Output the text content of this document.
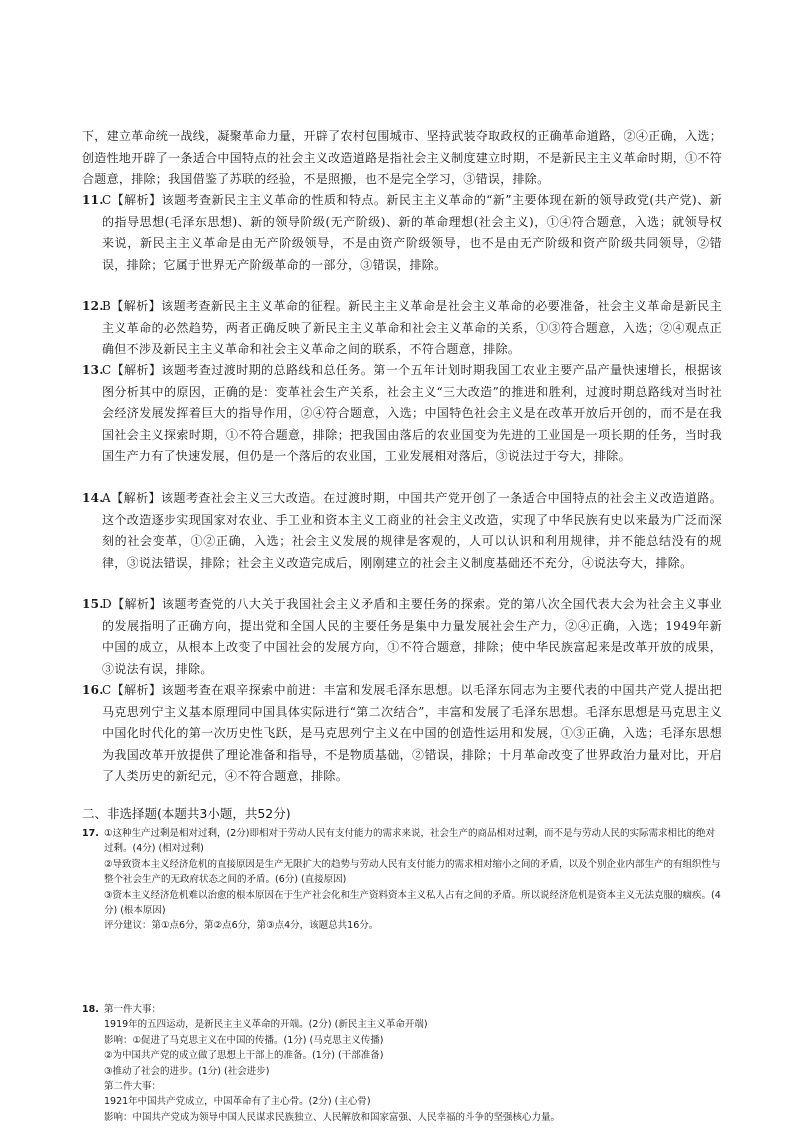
下，建立革命统一战线，凝聚革命力量，开辟了农村包围城市、坚持武装夺取政权的正确革命道路，②④正确，入选；创造性地开辟了一条适合中国特点的社会主义改造道路是指社会主义制度建立时期，不是新民主主义革命时期，①不符合题意，排除；我国借鉴了苏联的经验，不是照搬，也不是完全学习，③错误，排除。
11.
C【解析】该题考查新民主主义革命的性质和特点。新民主主义革命的“新”主要体现在新的领导政党(共产党)、新的指导思想(毛泽东思想)、新的领导阶级(无产阶级)、新的革命理想(社会主义)，①④符合题意，入选；就领导权来说，新民主主义革命是由无产阶级领导，不是由资产阶级领导，也不是由无产阶级和资产阶级共同领导，②错误，排除；它属于世界无产阶级革命的一部分，③错误，排除。
12.
B【解析】该题考查新民主主义革命的征程。新民主主义革命是社会主义革命的必要准备，社会主义革命是新民主主义革命的必然趋势，两者正确反映了新民主主义革命和社会主义革命的关系，①③符合题意，入选；②④观点正确但不涉及新民主主义革命和社会主义革命之间的联系，不符合题意，排除。
13.
C【解析】该题考查过渡时期的总路线和总任务。第一个五年计划时期我国工农业主要产品产量快速增长，根据该图分析其中的原因，正确的是：变革社会生产关系，社会主义“三大改造”的推进和胜利，过渡时期总路线对当时社会经济发展发挥着巨大的指导作用，②④符合题意，入选；中国特色社会主义是在改革开放后开创的，而不是在我国社会主义探索时期，①不符合题意，排除；把我国由落后的农业国变为先进的工业国是一项长期的任务，当时我国生产力有了快速发展，但仍是一个落后的农业国，工业发展相对落后，③说法过于夸大，排除。
14.
A【解析】该题考查社会主义三大改造。在过渡时期，中国共产党开创了一条适合中国特点的社会主义改造道路。这个改造逐步实现国家对农业、手工业和资本主义工商业的社会主义改造，实现了中华民族有史以来最为广泛而深刻的社会变革，①②正确，入选；社会主义发展的规律是客观的，人可以认识和利用规律，并不能总结没有的规律，③说法错误，排除；社会主义改造完成后，刚刚建立的社会主义制度基础还不充分，④说法夸大，排除。
15.
D【解析】该题考查党的八大关于我国社会主义矛盾和主要任务的探索。党的第八次全国代表大会为社会主义事业的发展指明了正确方向，提出党和全国人民的主要任务是集中力量发展社会生产力，②④正确，入选；1949年新中国的成立，从根本上改变了中国社会的发展方向，①不符合题意，排除；使中华民族富起来是改革开放的成果，③说法有误，排除。
16.
C【解析】该题考查在艰辛探索中前进：丰富和发展毛泽东思想。以毛泽东同志为主要代表的中国共产党人提出把马克思列宁主义基本原理同中国具体实际进行“第二次结合”，丰富和发展了毛泽东思想。毛泽东思想是马克思主义中国化时代化的第一次历史性飞跃，是马克思列宁主义在中国的创造性运用和发展，①③正确，入选；毛泽东思想为我国改革开放提供了理论准备和指导，不是物质基础，②错误，排除；十月革命改变了世界政治力量对比，开启了人类历史的新纪元，④不符合题意，排除。
二、非选择题(本题共3小题，共52分)
17. ①这种生产过剩是相对过剩，(2分)即相对于劳动人民有支付能力的需求来说，社会生产的商品相对过剩，而不是与劳动人民的实际需求相比的绝对过剩。(4分) (相对过剩)
②导致资本主义经济危机的直接原因是生产无限扩大的趋势与劳动人民有支付能力的需求相对缩小之间的矛盾，以及个别企业内部生产的有组织性与整个社会生产的无政府状态之间的矛盾。(6分) (直接原因)
③资本主义经济危机难以治愈的根本原因在于生产社会化和生产资料资本主义私人占有之间的矛盾。所以说经济危机是资本主义无法克服的痼疾。(4分) (根本原因)
评分建议：第①点6分，第②点6分，第③点4分，该题总共16分。
18. 第一件大事：
1919年的五四运动，是新民主主义革命的开端。(2分) (新民主主义革命开端)
影响：①促进了马克思主义在中国的传播。(1分) (马克思主义传播)
②为中国共产党的成立做了思想上干部上的准备。(1分) (干部准备)
③推动了社会的进步。(1分) (社会进步)
第二件大事：
1921年中国共产党成立，中国革命有了主心骨。(2分) (主心骨)
影响：中国共产党成为领导中国人民谋求民族独立、人民解放和国家富强、人民幸福的斗争的坚强核心力量。
